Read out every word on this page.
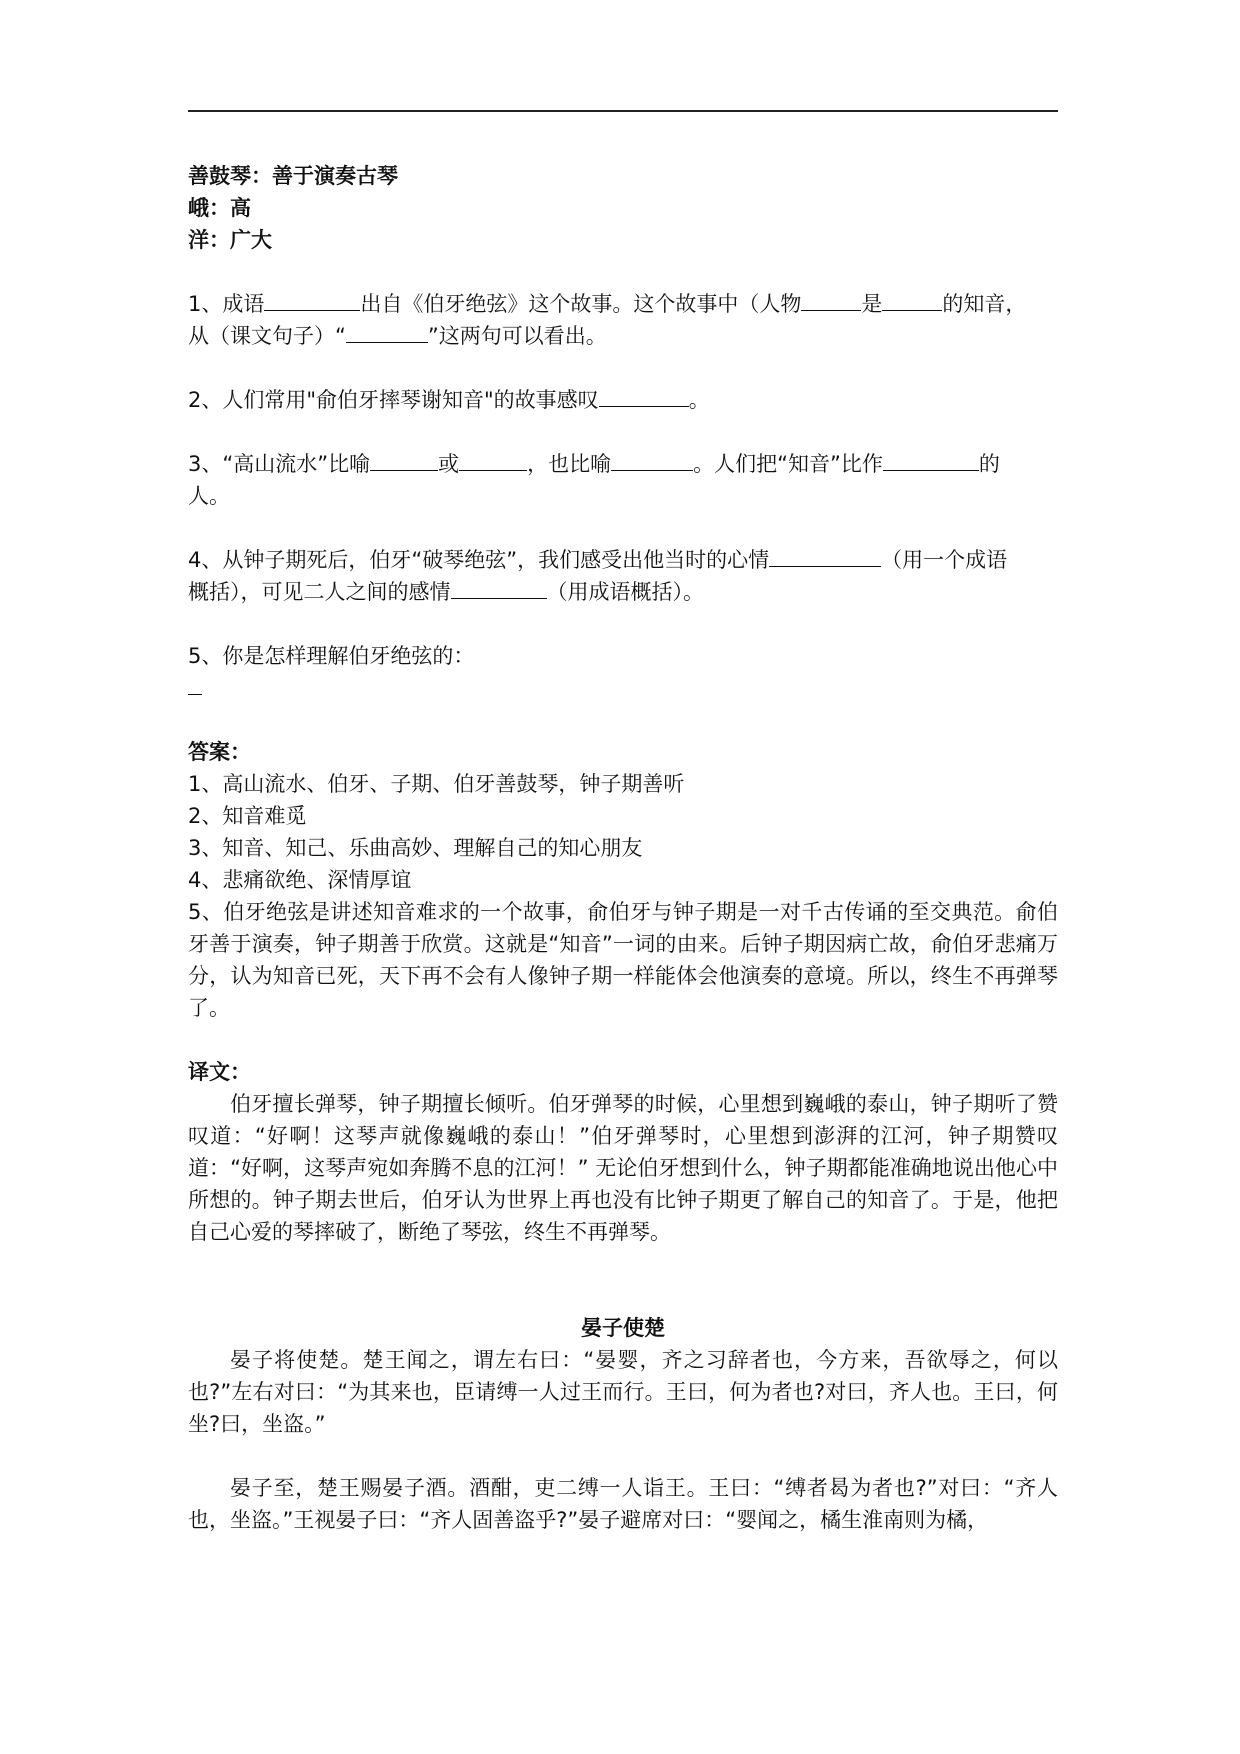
善鼓琴：善于演奏古琴
峨：高
洋：广大
1、成语	出自《伯牙绝弦》这个故事。这个故事中（人物	是	的知音，
从（课文句子）“	”这两句可以看出。
2、人们常用"俞伯牙摔琴谢知音"的故事感叹	。
3、“高山流水”比喻	或	，也比喻	。人们把“知音”比作	的
人。
4、从钟子期死后，伯牙“破琴绝弦”，我们感受出他当时的心情	（用一个成语
概括），可见二人之间的感情	（用成语概括）。
5、你是怎样理解伯牙绝弦的：
答案：
1、高山流水、伯牙、子期、伯牙善鼓琴，钟子期善听
2、知音难觅
3、知音、知己、乐曲高妙、理解自己的知心朋友
4、悲痛欲绝、深情厚谊

5、伯牙绝弦是讲述知音难求的一个故事，俞伯牙与钟子期是一对千古传诵的至交典范。俞伯牙善于演奏，钟子期善于欣赏。这就是“知音”一词的由来。后钟子期因病亡故，俞伯牙悲痛万分，认为知音已死，天下再不会有人像钟子期一样能体会他演奏的意境。所以，终生不再弹琴了。

译文：

伯牙擅长弹琴，钟子期擅长倾听。伯牙弹琴的时候，心里想到巍峨的泰山，钟子期听了赞叹道：“好啊！这琴声就像巍峨的泰山！”伯牙弹琴时，心里想到澎湃的江河，钟子期赞叹道：“好啊，这琴声宛如奔腾不息的江河！” 无论伯牙想到什么，钟子期都能准确地说出他心中所想的。钟子期去世后，伯牙认为世界上再也没有比钟子期更了解自己的知音了。于是，他把自己心爱的琴摔破了，断绝了琴弦，终生不再弹琴。

晏子使楚

晏子将使楚。楚王闻之，谓左右曰：“晏婴，齐之习辞者也，今方来，吾欲辱之，何以也?”左右对曰：“为其来也，臣请缚一人过王而行。王曰，何为者也?对曰，齐人也。王曰，何坐?曰，坐盗。”

晏子至，楚王赐晏子酒。酒酣，吏二缚一人诣王。王曰：“缚者曷为者也?”对曰：“齐人也，坐盗。”王视晏子曰：“齐人固善盗乎?”晏子避席对曰：“婴闻之，橘生淮南则为橘，
